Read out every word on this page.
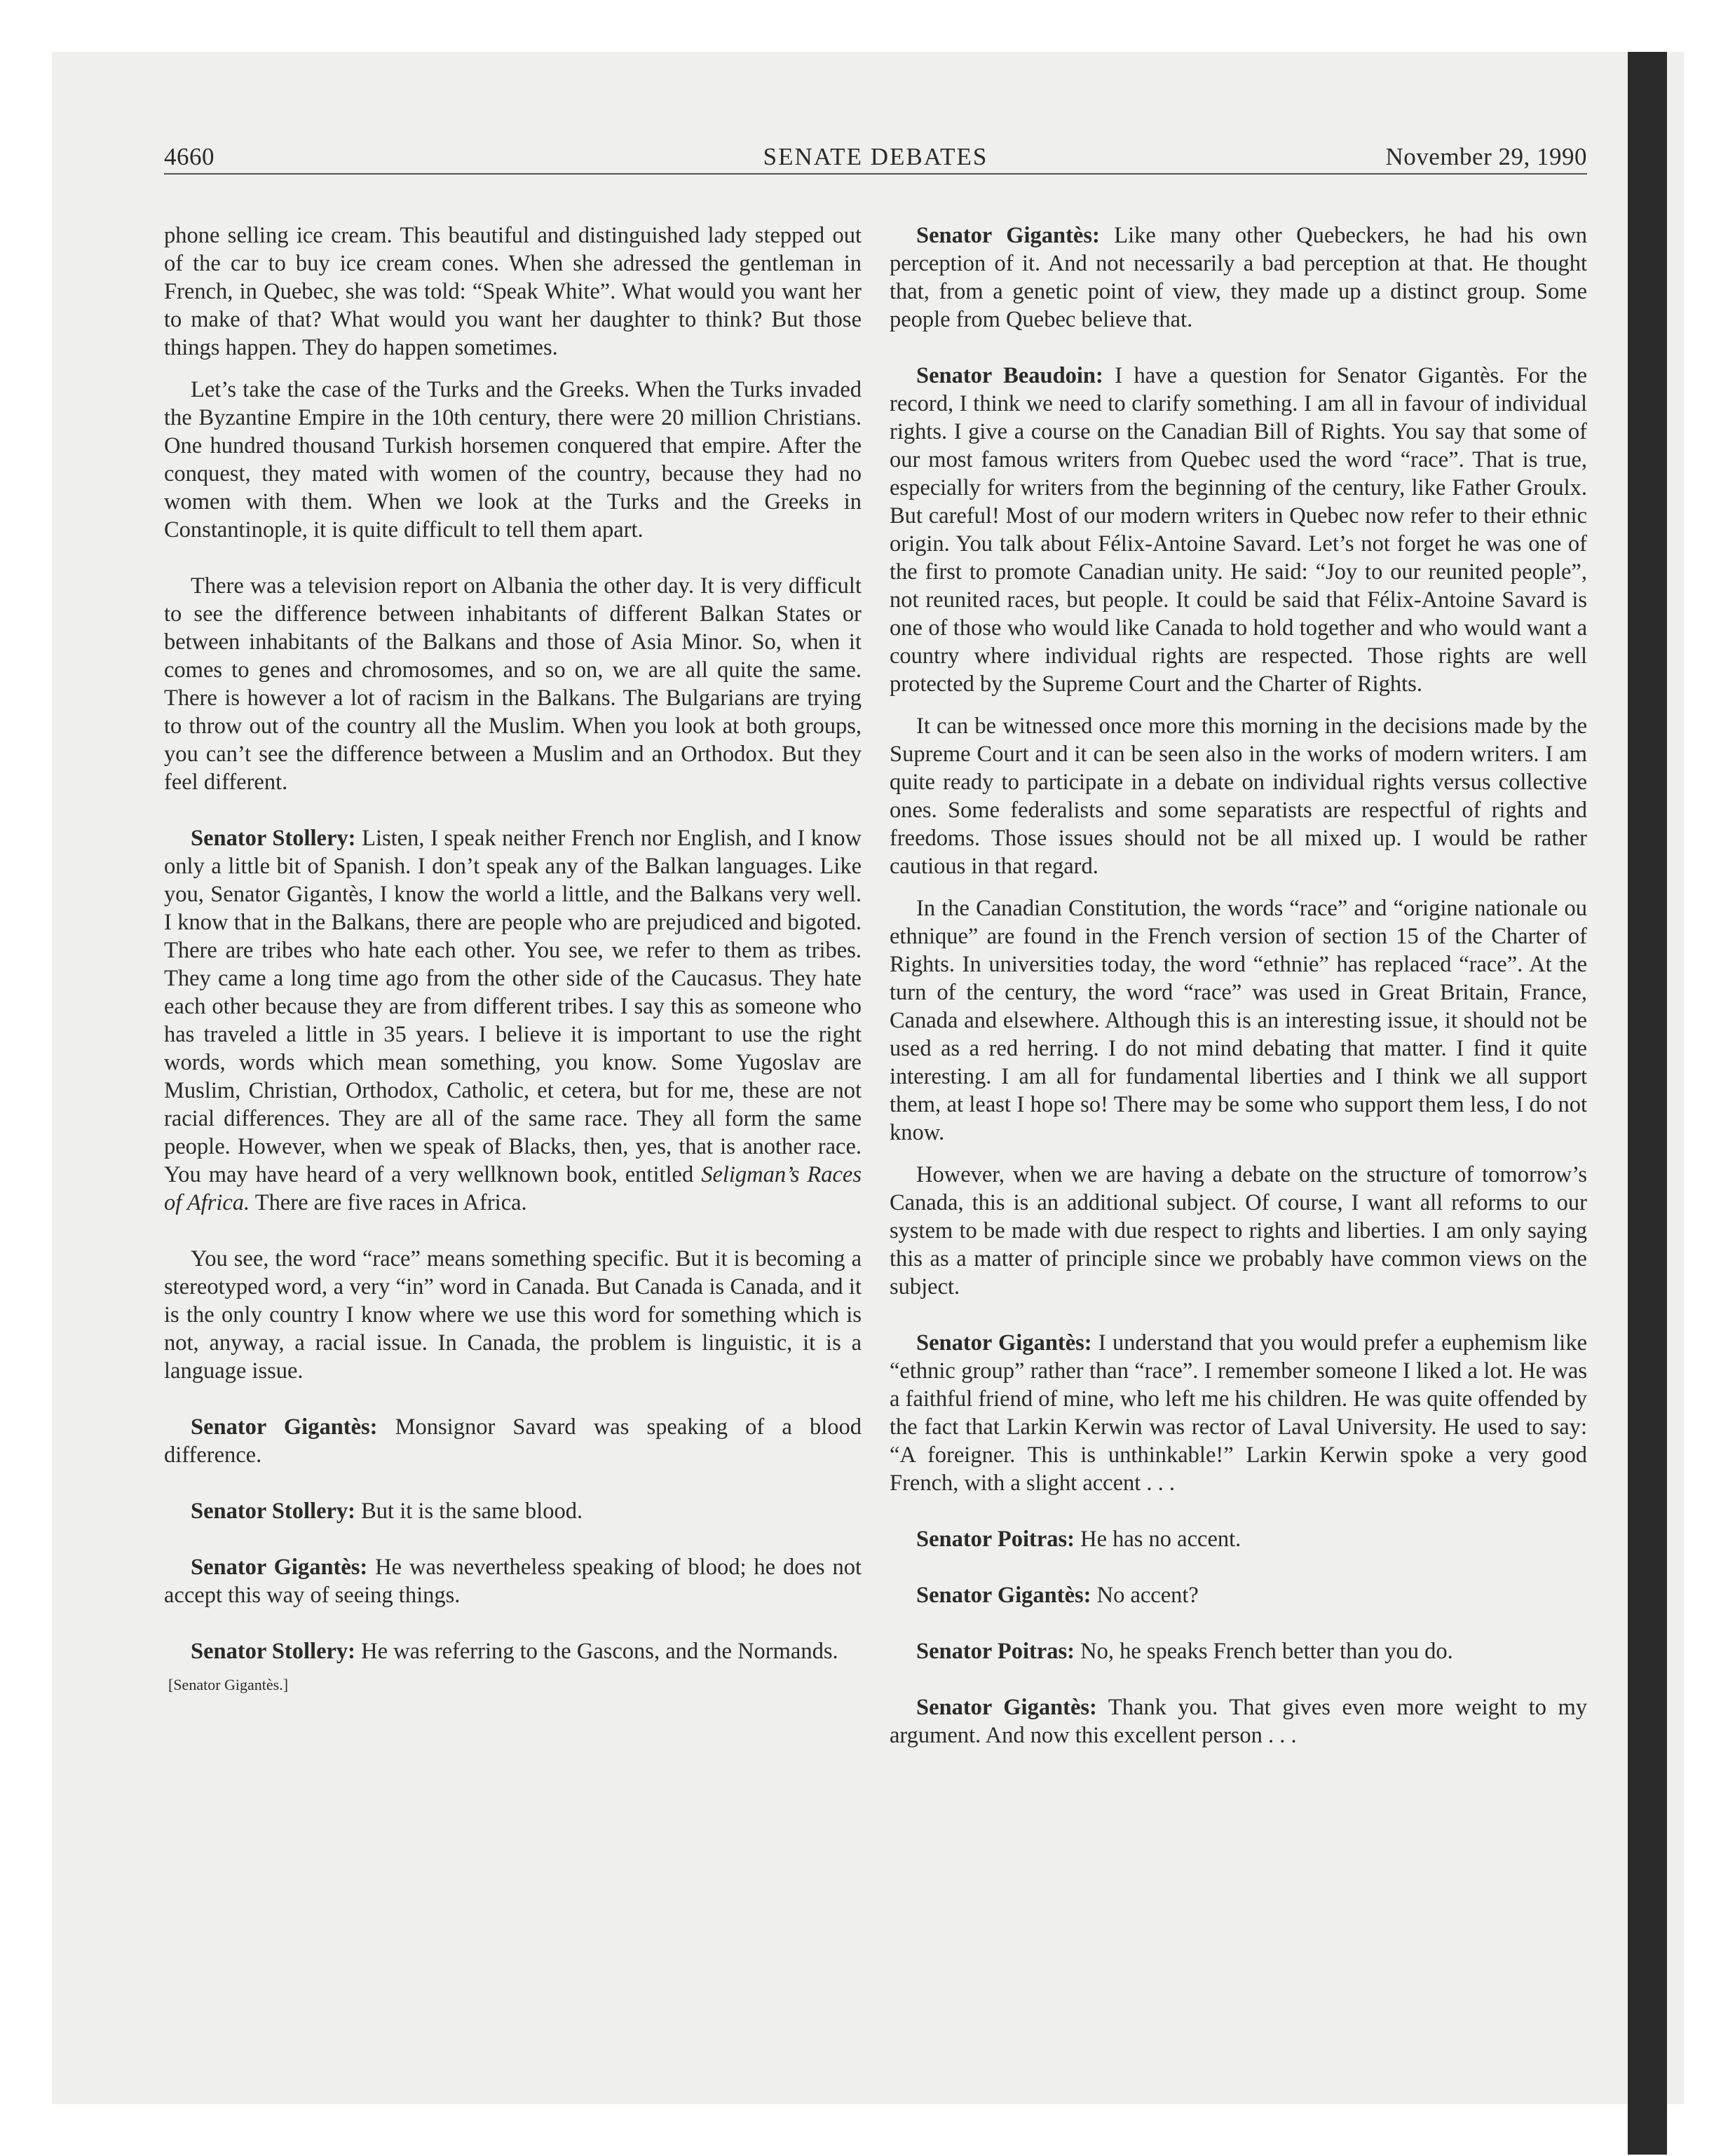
4660	SENATE DEBATES	November 29, 1990

phone selling ice cream. This beautiful and distinguished lady stepped out of the car to buy ice cream cones. When she adressed the gentleman in French, in Quebec, she was told: “Speak White”. What would you want her to make of that? What would you want her daughter to think? But those things happen. They do happen sometimes.

Let’s take the case of the Turks and the Greeks. When the Turks invaded the Byzantine Empire in the 10th century, there were 20 million Christians. One hundred thousand Turkish horsemen conquered that empire. After the conquest, they mated with women of the country, because they had no women with them. When we look at the Turks and the Greeks in Constantinople, it is quite difficult to tell them apart.

There was a television report on Albania the other day. It is very difficult to see the difference between inhabitants of different Balkan States or between inhabitants of the Balkans and those of Asia Minor. So, when it comes to genes and chromosomes, and so on, we are all quite the same. There is however a lot of racism in the Balkans. The Bulgarians are trying to throw out of the country all the Muslim. When you look at both groups, you can’t see the difference between a Muslim and an Orthodox. But they feel different.

Senator Stollery: Listen, I speak neither French nor English, and I know only a little bit of Spanish. I don’t speak any of the Balkan languages. Like you, Senator Gigantès, I know the world a little, and the Balkans very well. I know that in the Balkans, there are people who are prejudiced and bigoted. There are tribes who hate each other. You see, we refer to them as tribes. They came a long time ago from the other side of the Caucasus. They hate each other because they are from different tribes. I say this as someone who has traveled a little in 35 years. I believe it is important to use the right words, words which mean something, you know. Some Yugoslav are Muslim, Christian, Orthodox, Catholic, et cetera, but for me, these are not racial differences. They are all of the same race. They all form the same people. However, when we speak of Blacks, then, yes, that is another race. You may have heard of a very wellknown book, entitled Seligman’s Races of Africa. There are five races in Africa.

You see, the word “race” means something specific. But it is becoming a stereotyped word, a very “in” word in Canada. But Canada is Canada, and it is the only country I know where we use this word for something which is not, anyway, a racial issue. In Canada, the problem is linguistic, it is a language issue.

Senator Gigantès: Monsignor Savard was speaking of a blood difference.

Senator Stollery: But it is the same blood.

Senator Gigantès: He was nevertheless speaking of blood; he does not accept this way of seeing things.

Senator Stollery: He was referring to the Gascons, and the Normands.

[Senator Gigantès.]

Senator Gigantès: Like many other Quebeckers, he had his own perception of it. And not necessarily a bad perception at that. He thought that, from a genetic point of view, they made up a distinct group. Some people from Quebec believe that.

Senator Beaudoin: I have a question for Senator Gigantès. For the record, I think we need to clarify something. I am all in favour of individual rights. I give a course on the Canadian Bill of Rights. You say that some of our most famous writers from Quebec used the word “race”. That is true, especially for writers from the beginning of the century, like Father Groulx. But careful! Most of our modern writers in Quebec now refer to their ethnic origin. You talk about Félix-Antoine Savard. Let’s not forget he was one of the first to promote Canadian unity. He said: “Joy to our reunited people”, not reunited races, but people. It could be said that Félix-Antoine Savard is one of those who would like Canada to hold together and who would want a country where individual rights are respected. Those rights are well protected by the Supreme Court and the Charter of Rights.

It can be witnessed once more this morning in the decisions made by the Supreme Court and it can be seen also in the works of modern writers. I am quite ready to participate in a debate on individual rights versus collective ones. Some federalists and some separatists are respectful of rights and freedoms. Those issues should not be all mixed up. I would be rather cautious in that regard.

In the Canadian Constitution, the words “race” and “origine nationale ou ethnique” are found in the French version of section 15 of the Charter of Rights. In universities today, the word “ethnie” has replaced “race”. At the turn of the century, the word “race” was used in Great Britain, France, Canada and elsewhere. Although this is an interesting issue, it should not be used as a red herring. I do not mind debating that matter. I find it quite interesting. I am all for fundamental liberties and I think we all support them, at least I hope so! There may be some who support them less, I do not know.

However, when we are having a debate on the structure of tomorrow’s Canada, this is an additional subject. Of course, I want all reforms to our system to be made with due respect to rights and liberties. I am only saying this as a matter of principle since we probably have common views on the subject.

Senator Gigantès: I understand that you would prefer a euphemism like “ethnic group” rather than “race”. I remember someone I liked a lot. He was a faithful friend of mine, who left me his children. He was quite offended by the fact that Larkin Kerwin was rector of Laval University. He used to say: “A foreigner. This is unthinkable!” Larkin Kerwin spoke a very good French, with a slight accent . . .

Senator Poitras: He has no accent.

Senator Gigantès: No accent?

Senator Poitras: No, he speaks French better than you do.

Senator Gigantès: Thank you. That gives even more weight to my argument. And now this excellent person . . .
